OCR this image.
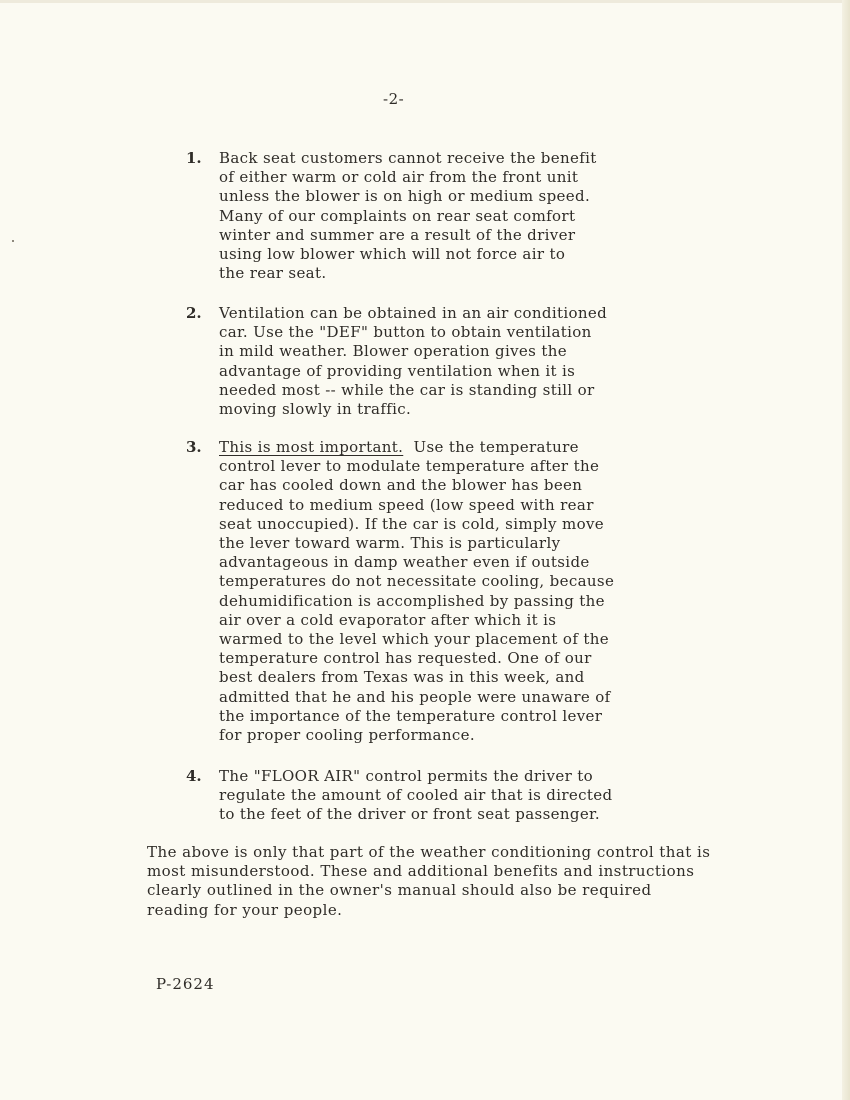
-2-
1. Back seat customers cannot receive the benefit
of either warm or cold air from the front unit
unless the blower is on high or medium speed.
Many of our complaints on rear seat comfort
winter and summer are a result of the driver
using low blower which will not force air to
the rear seat.
2. Ventilation can be obtained in an air conditioned
car. Use the "DEF" button to obtain ventilation
in mild weather. Blower operation gives the
advantage of providing ventilation when it is
needed most -- while the car is standing still or
moving slowly in traffic.
3. This is most important.  Use the temperature
control lever to modulate temperature after the
car has cooled down and the blower has been
reduced to medium speed (low speed with rear
seat unoccupied). If the car is cold, simply move
the lever toward warm. This is particularly
advantageous in damp weather even if outside
temperatures do not necessitate cooling, because
dehumidification is accomplished by passing the
air over a cold evaporator after which it is
warmed to the level which your placement of the
temperature control has requested. One of our
best dealers from Texas was in this week, and
admitted that he and his people were unaware of
the importance of the temperature control lever
for proper cooling performance.
4. The "FLOOR AIR" control permits the driver to
regulate the amount of cooled air that is directed
to the feet of the driver or front seat passenger.
The above is only that part of the weather conditioning control that is
most misunderstood. These and additional benefits and instructions
clearly outlined in the owner's manual should also be required
reading for your people.
P-2624
